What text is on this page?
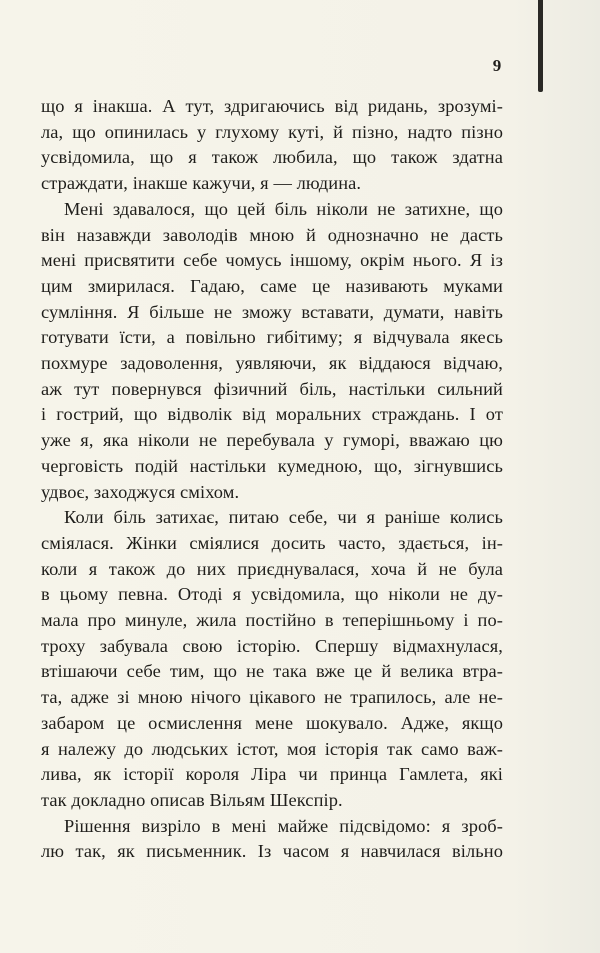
9

що я інакша. А тут, здригаючись від ридань, зрозумі-
ла, що опинилась у глухому куті, й пізно, надто пізно
усвідомила, що я також любила, що також здатна
страждати, інакше кажучи, я — людина.

Мені здавалося, що цей біль ніколи не затихне, що
він назавжди заволодів мною й однозначно не дасть
мені присвятити себе чомусь іншому, окрім нього. Я із
цим змирилася. Гадаю, саме це називають муками
сумління. Я більше не зможу вставати, думати, навіть
готувати їсти, а повільно гибітиму; я відчувала якесь
похмуре задоволення, уявляючи, як віддаюся відчаю,
аж тут повернувся фізичний біль, настільки сильний
і гострий, що відволік від моральних страждань. І от
уже я, яка ніколи не перебувала у гуморі, вважаю цю
черговість подій настільки кумедною, що, зігнувшись
удвоє, заходжуся сміхом.

Коли біль затихає, питаю себе, чи я раніше колись
сміялася. Жінки сміялися досить часто, здається, ін-
коли я також до них приєднувалася, хоча й не була
в цьому певна. Отоді я усвідомила, що ніколи не ду-
мала про минуле, жила постійно в теперішньому і по-
троху забувала свою історію. Спершу відмахнулася,
втішаючи себе тим, що не така вже це й велика втра-
та, адже зі мною нічого цікавого не трапилось, але не-
забаром це осмислення мене шокувало. Адже, якщо
я належу до людських істот, моя історія так само важ-
лива, як історії короля Ліра чи принца Гамлета, які
так докладно описав Вільям Шекспір.

Рішення визріло в мені майже підсвідомо: я зроб-
лю так, як письменник. Із часом я навчилася вільно
